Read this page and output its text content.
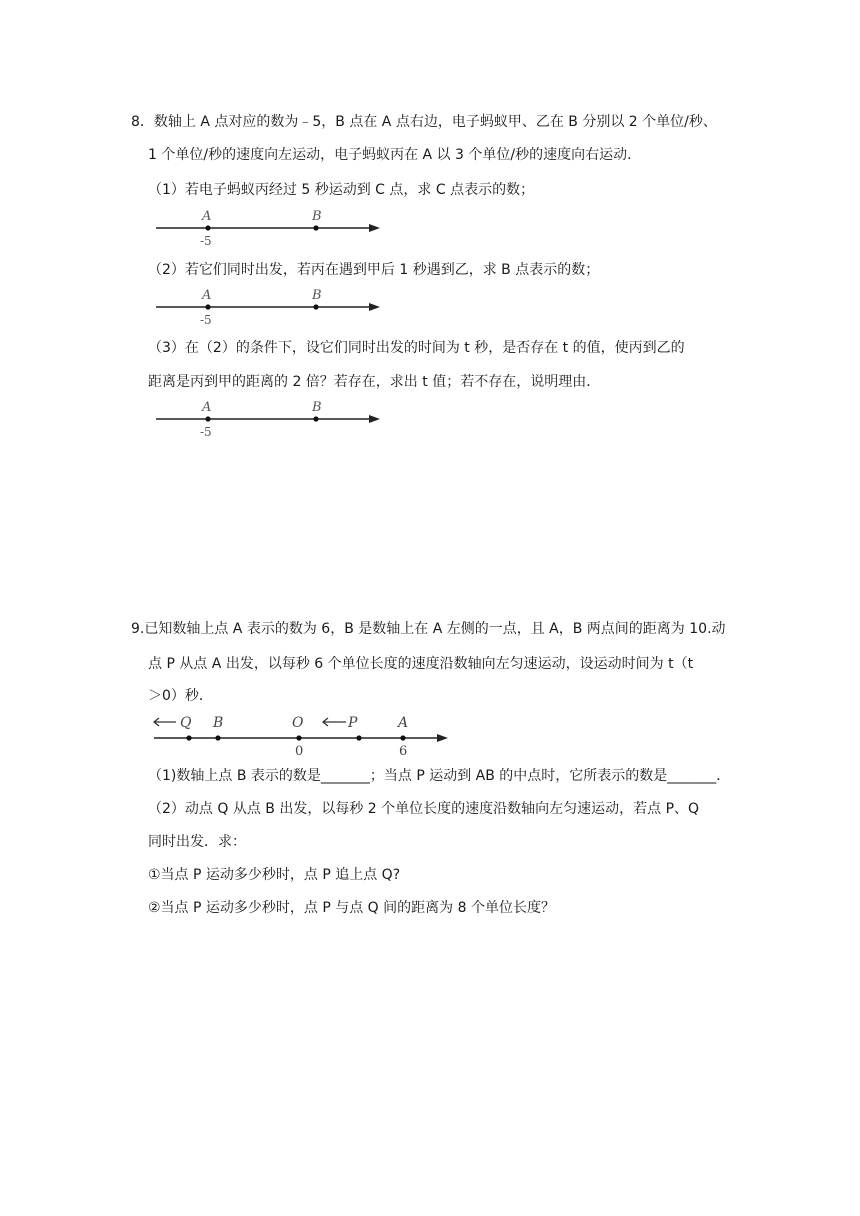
8．数轴上 A 点对应的数为﹣5，B 点在 A 点右边，电子蚂蚁甲、乙在 B 分别以 2 个单位/秒、
1 个单位/秒的速度向左运动，电子蚂蚁丙在 A 以 3 个单位/秒的速度向右运动．
（1）若电子蚂蚁丙经过 5 秒运动到 C 点，求 C 点表示的数；
A	B
-5
（2）若它们同时出发，若丙在遇到甲后 1 秒遇到乙，求 B 点表示的数；
A	B
-5
（3）在（2）的条件下，设它们同时出发的时间为 t 秒，是否存在 t 的值，使丙到乙的
距离是丙到甲的距离的 2 倍？若存在，求出 t 值；若不存在，说明理由．
A	B
-5
9.已知数轴上点 A 表示的数为 6，B 是数轴上在 A 左侧的一点，且 A，B 两点间的距离为 10.动
点 P 从点 A 出发，以每秒 6 个单位长度的速度沿数轴向左匀速运动，设运动时间为 t（t
＞0）秒．
Q B	O	P	A
0	6
（1)数轴上点 B 表示的数是_______；当点 P 运动到 AB 的中点时，它所表示的数是_______．
（2）动点 Q 从点 B 出发，以每秒 2 个单位长度的速度沿数轴向左匀速运动，若点 P、Q
同时出发．求：
①当点 P 运动多少秒时，点 P 追上点 Q?
②当点 P 运动多少秒时，点 P 与点 Q 间的距离为 8 个单位长度？
